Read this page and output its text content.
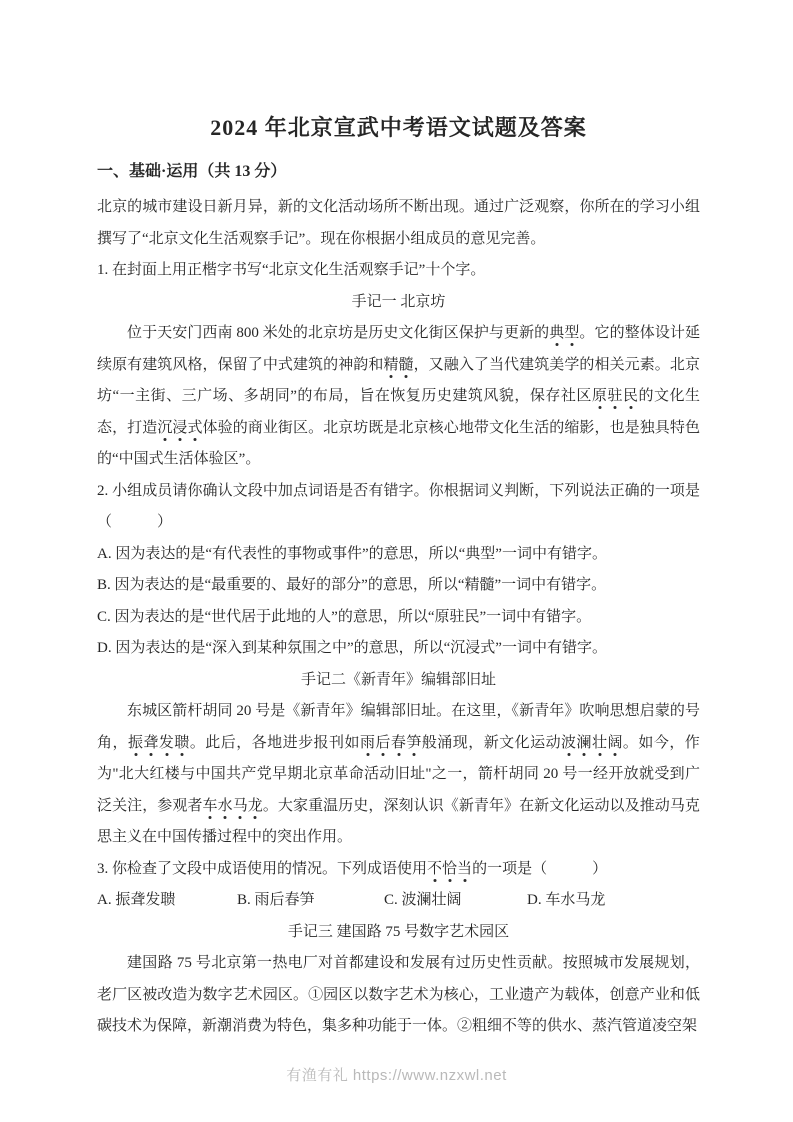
2024 年北京宣武中考语文试题及答案
一、基础·运用（共 13 分）
北京的城市建设日新月异，新的文化活动场所不断出现。通过广泛观察，你所在的学习小组撰写了“北京文化生活观察手记”。现在你根据小组成员的意见完善。
1. 在封面上用正楷字书写“北京文化生活观察手记”十个字。
手记一 北京坊
位于天安门西南 800 米处的北京坊是历史文化街区保护与更新的典型。它的整体设计延续原有建筑风格，保留了中式建筑的神韵和精髓，又融入了当代建筑美学的相关元素。北京坊“一主街、三广场、多胡同”的布局，旨在恢复历史建筑风貌，保存社区原驻民的文化生态，打造沉浸式体验的商业街区。北京坊既是北京核心地带文化生活的缩影，也是独具特色的“中国式生活体验区”。
2. 小组成员请你确认文段中加点词语是否有错字。你根据词义判断，下列说法正确的一项是（　　　）
A. 因为表达的是“有代表性的事物或事件”的意思，所以“典型”一词中有错字。
B. 因为表达的是“最重要的、最好的部分”的意思，所以“精髓”一词中有错字。
C. 因为表达的是“世代居于此地的人”的意思，所以“原驻民”一词中有错字。
D. 因为表达的是“深入到某种氛围之中”的意思，所以“沉浸式”一词中有错字。
手记二《新青年》编辑部旧址
东城区箭杆胡同 20 号是《新青年》编辑部旧址。在这里，《新青年》吹响思想启蒙的号角，振聋发聩。此后，各地进步报刊如雨后春笋般涌现，新文化运动波澜壮阔。如今，作为"北大红楼与中国共产党早期北京革命活动旧址"之一，箭杆胡同 20 号一经开放就受到广泛关注，参观者车水马龙。大家重温历史，深刻认识《新青年》在新文化运动以及推动马克思主义在中国传播过程中的突出作用。
3. 你检查了文段中成语使用的情况。下列成语使用不恰当的一项是（　　　）
A. 振聋发聩	B. 雨后春笋	C. 波澜壮阔	D. 车水马龙
手记三 建国路 75 号数字艺术园区
建国路 75 号北京第一热电厂对首都建设和发展有过历史性贡献。按照城市发展规划，老厂区被改造为数字艺术园区。①园区以数字艺术为核心，工业遗产为载体，创意产业和低碳技术为保障，新潮消费为特色，集多种功能于一体。②粗细不等的供水、蒸汽管道凌空架
有渔有礼 https://www.nzxwl.net
